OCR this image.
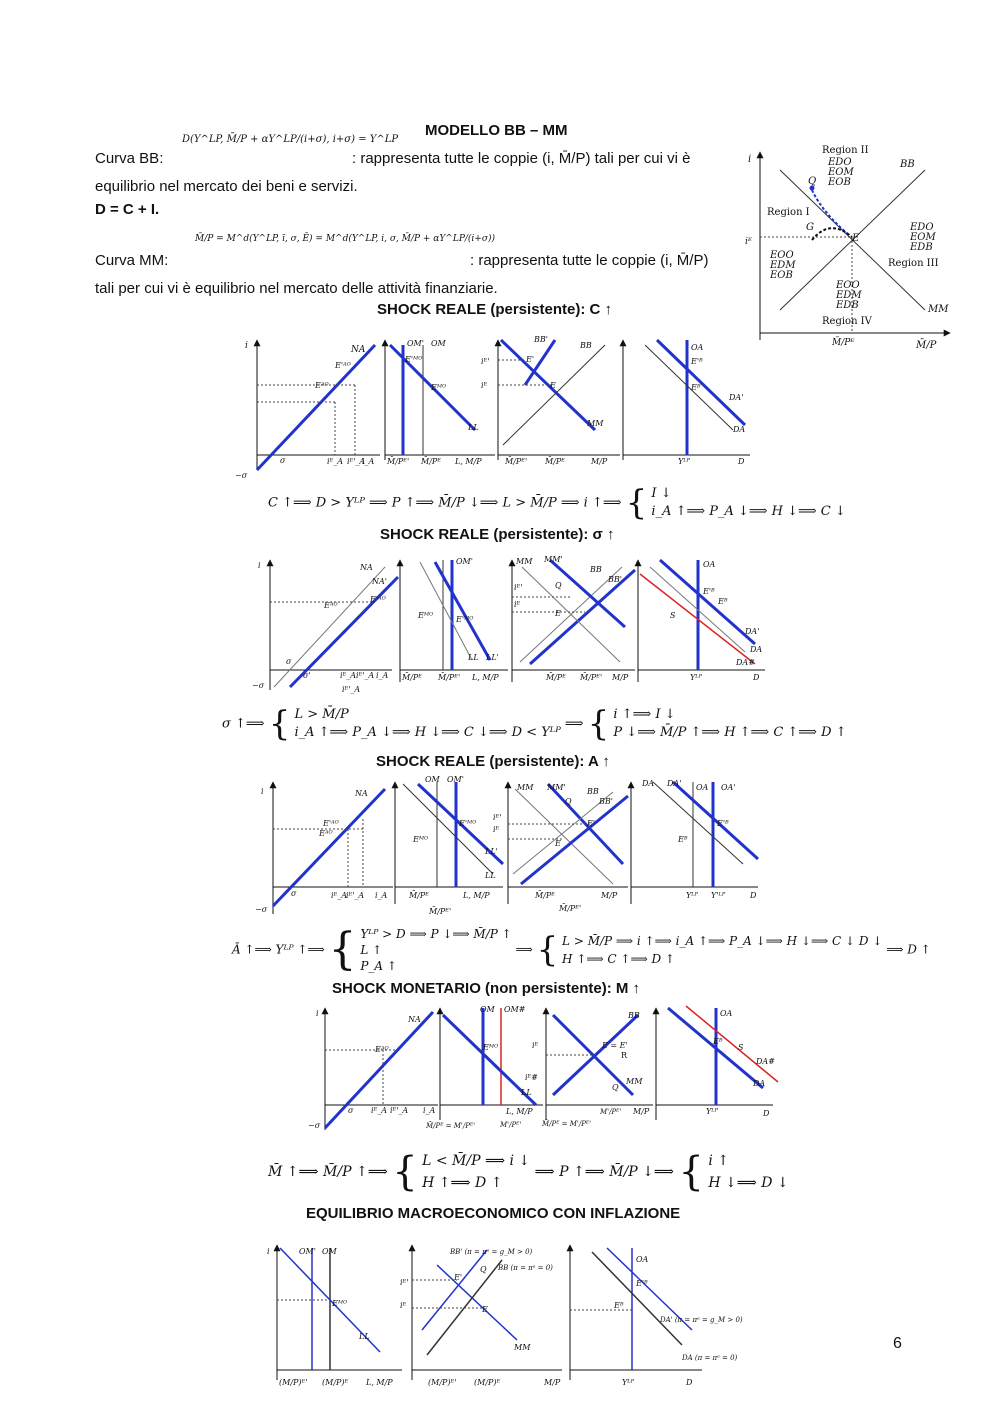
MODELLO BB – MM
Curva BB:
D(Y^LP, M̄/P + αY^LP/(i+σ), i+σ) = Y^LP
: rappresenta tutte le coppie (i, M̄/P) tali per cui vi è
equilibrio nel mercato dei beni e servizi.
D = C + I.
Curva MM:
M̄/P = M^d(Y^LP, ī, σ, Ē) = M^d(Y^LP, i, σ, M̄/P + αY^LP/(i+σ))
: rappresenta tutte le coppie (i, M̄/P)
tali per cui vi è equilibrio nel mercato delle attività finanziarie.
Region II
EDO
EOM
EOB
BB
Q
Region I
G
E
iᴱ
i
EDO
EOM
EDB
Region III
EOO
EDM
EOB
EOO
EDM
EDB	MM
Region IV
M̄/Pᴱ	M̄/P
SHOCK REALE (persistente): C ↑
i	NA
E'ᴬᴼ
Eᴬᴼ
σ
−σ
iᴱ_A iᴱ'_A
i_A
OM' OM
E'ᴹᴼ
Eᴹᴼ
LL
M̄/Pᴱ' M̄/Pᴱ L, M/P
BB'
BB
E'
E
MM
iᴱ'
iᴱ
M̄/Pᴱ' M̄/Pᴱ	M/P
OA
E'ᴮ
Eᴮ
DA'
DA
Yᴸᴾ	D
C ↑⟹ D > Yᴸᴾ ⟹ P ↑⟹ M̄/P ↓⟹ L > M̄/P ⟹ i ↑⟹ { I ↓
i_A ↑⟹ P_A ↓⟹ H ↓⟹ C ↓
SHOCK REALE (persistente): σ ↑
i	NA
NA'
Eᴬᴼ
E'ᴬᴼ
σ
σ'
−σ
iᴱ_A iᴱ'_A i_A
iᴱ'_A
OM'
E'ᴹᴼ
Eᴹᴼ
LL LL'
M̄/Pᴱ M̄/Pᴱ' L, M/P
MM MM'
BB
BB'
Q
E
iᴱ'
iᴱ
M̄/Pᴱ M̄/Pᴱ' M/P
OA
E'ᴮ
Eᴮ
S
DA'
DA
DA#
Yᴸᴾ	D
σ ↑⟹ { L > M̄/P
i_A ↑⟹ P_A ↓⟹ H ↓⟹ C ↓⟹ D < Yᴸᴾ ⟹ { i ↑⟹ I ↓
P ↓⟹ M̄/P ↑⟹ H ↑⟹ C ↑⟹ D ↑
SHOCK REALE (persistente): A ↑
i	NA
E'ᴬᴼ
Eᴬᴼ
σ
−σ
iᴱ_A
iᴱ'_A i_A
OM OM'
E'ᴹᴼ
Eᴹᴼ
LL'
LL
M̄/Pᴱ	L, M/P
M̄/Pᴱ'
MM MM'	BB
BB'
Q
E
E'
iᴱ'
iᴱ
M̄/Pᴱ	M/P
M̄/Pᴱ'
DA DA' OA OA'
E'ᴮ
Eᴮ
Yᴸᴾ Y'ᴸᴾ	D
Ā ↑⟹ Yᴸᴾ ↑⟹ { Yᴸᴾ > D ⟹ P ↓⟹ M̄/P ↑
L ↑
P_A ↑ ⟹ { L > M̄/P ⟹ i ↑⟹ i_A ↑⟹ P_A ↓⟹ H ↓⟹ C ↓ D ↓
H ↑⟹ C ↑⟹ D ↑ ⟹ D ↑
SHOCK MONETARIO (non persistente): M ↑
i
NA
Eᴬᴼ
σ
−σ
iᴱ_A iᴱ'_A i_A
OM OM#
Eᴹᴼ
iᴱ#
LL
M̄/Pᴱ = M'/Pᴱ'	M'/Pᴱ'
L, M/P
BB
iᴱ	E = E'
R
MM
Q
M̄/Pᴱ = M'/Pᴱ'
M'/Pᴱ' M/P
OA
Eᴮ
S
DA#
DA
Yᴸᴾ	D
M̄ ↑⟹ M̄/P ↑⟹ { L < M̄/P ⟹ i ↓
H ↑⟹ D ↑ ⟹ P ↑⟹ M̄/P ↓⟹ { i ↑
H ↓⟹ D ↓
EQUILIBRIO MACROECONOMICO CON INFLAZIONE
i	OM' OM
Eᴹᴼ
LL
(M/P)ᴱ' (M/P)ᴱ L, M/P
BB' (π = πᵃ = g_M > 0)
BB (π = πᵃ = 0)
Q
E'
E
MM
iᴱ'
iᴱ
(M/P)ᴱ' (M/P)ᴱ	M/P
OA
E'ᴮ
Eᴮ
DA' (π = πᵃ = g_M > 0)
DA (π = πᵃ = 0)
Yᴸᴾ	D
6
